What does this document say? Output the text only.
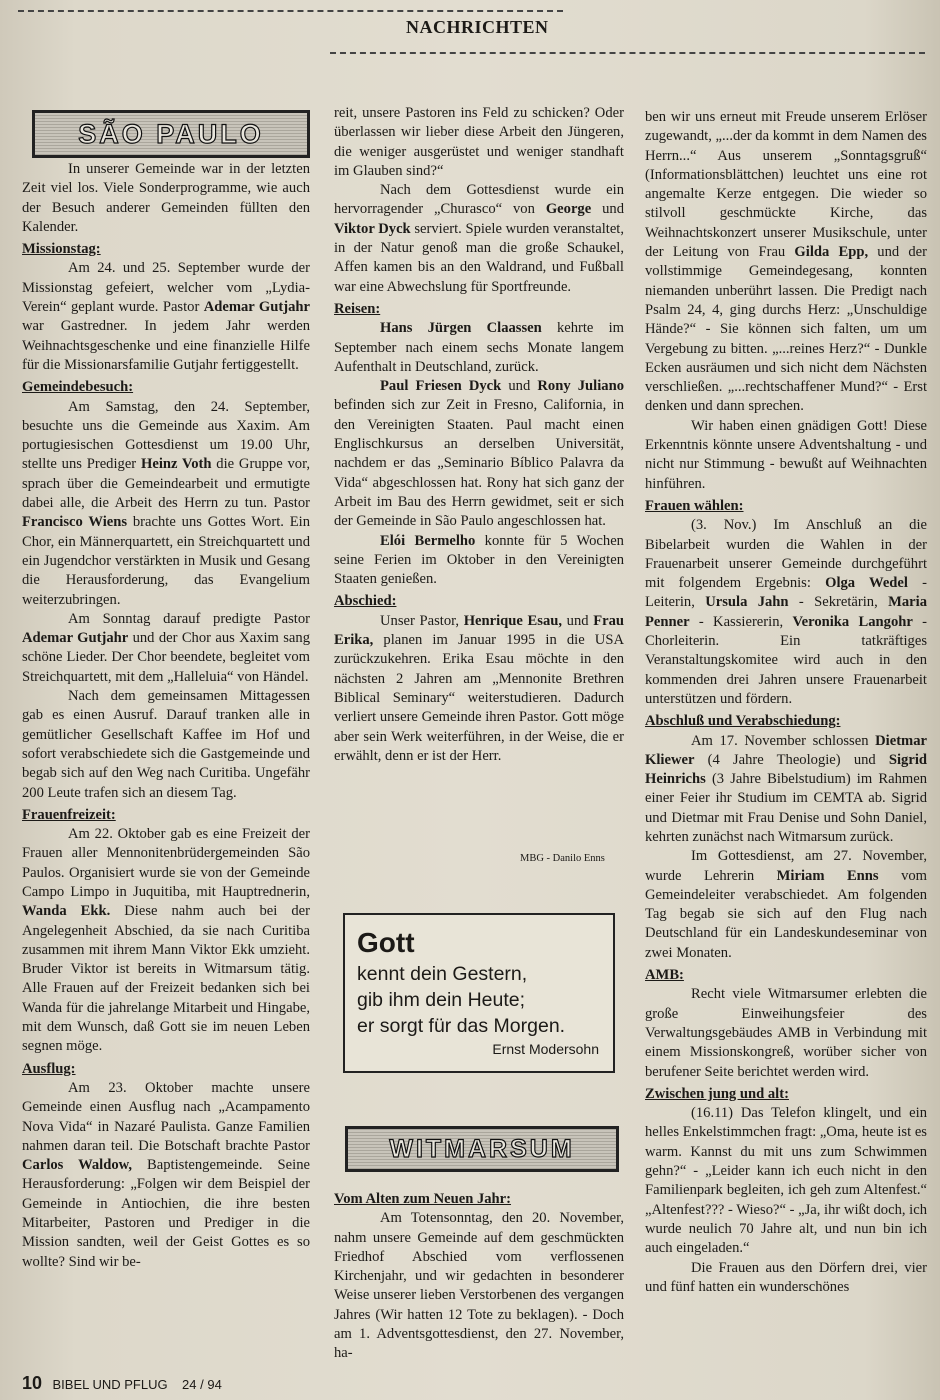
NACHRICHTEN
SÃO PAULO

In unserer Gemeinde war in der letzten Zeit viel los. Viele Sonderprogramme, wie auch der Besuch anderer Gemeinden füllten den Kalender.

Missionstag:

Am 24. und 25. September wurde der Missionstag gefeiert, welcher vom „Lydia-Verein“ geplant wurde. Pastor Ademar Gutjahr war Gastredner. In jedem Jahr werden Weihnachtsgeschenke und eine finanzielle Hilfe für die Missionarsfamilie Gutjahr fertiggestellt.

Gemeindebesuch:

Am Samstag, den 24. September, besuchte uns die Gemeinde aus Xaxim. Am portugiesischen Gottesdienst um 19.00 Uhr, stellte uns Prediger Heinz Voth die Gruppe vor, sprach über die Gemeindearbeit und ermutigte dabei alle, die Arbeit des Herrn zu tun. Pastor Francisco Wiens brachte uns Gottes Wort. Ein Chor, ein Männerquartett, ein Streichquartett und ein Jugendchor verstärkten in Musik und Gesang die Herausforderung, das Evangelium weiterzubringen.

Am Sonntag darauf predigte Pastor Ademar Gutjahr und der Chor aus Xaxim sang schöne Lieder. Der Chor beendete, begleitet vom Streichquartett, mit dem „Halleluia“ von Händel.

Nach dem gemeinsamen Mittagessen gab es einen Ausruf. Darauf tranken alle in gemütlicher Gesellschaft Kaffee im Hof und sofort verabschiedete sich die Gastgemeinde und begab sich auf den Weg nach Curitiba. Ungefähr 200 Leute trafen sich an diesem Tag.

Frauenfreizeit:

Am 22. Oktober gab es eine Freizeit der Frauen aller Mennonitenbrüdergemeinden São Paulos. Organisiert wurde sie von der Gemeinde Campo Limpo in Juquitiba, mit Hauptrednerin, Wanda Ekk. Diese nahm auch bei der Angelegenheit Abschied, da sie nach Curitiba zusammen mit ihrem Mann Viktor Ekk umzieht. Bruder Viktor ist bereits in Witmarsum tätig. Alle Frauen auf der Freizeit bedanken sich bei Wanda für die jahrelange Mitarbeit und Hingabe, mit dem Wunsch, daß Gott sie im neuen Leben segnen möge.

Ausflug:

Am 23. Oktober machte unsere Gemeinde einen Ausflug nach „Acampamento Nova Vida“ in Nazaré Paulista. Ganze Familien nahmen daran teil. Die Botschaft brachte Pastor Carlos Waldow, Baptistengemeinde. Seine Herausforderung: „Folgen wir dem Beispiel der Gemeinde in Antiochien, die ihre besten Mitarbeiter, Pastoren und Prediger in die Mission sandten, weil der Geist Gottes es so wollte? Sind wir be-

reit, unsere Pastoren ins Feld zu schicken? Oder überlassen wir lieber diese Arbeit den Jüngeren, die weniger ausgerüstet und weniger standhaft im Glauben sind?“

Nach dem Gottesdienst wurde ein hervorragender „Churasco“ von George und Viktor Dyck serviert. Spiele wurden veranstaltet, in der Natur genoß man die große Schaukel, Affen kamen bis an den Waldrand, und Fußball war eine Abwechslung für Sportfreunde.

Reisen:

Hans Jürgen Claassen kehrte im September nach einem sechs Monate langem Aufenthalt in Deutschland, zurück.

Paul Friesen Dyck und Rony Juliano befinden sich zur Zeit in Fresno, California, in den Vereinigten Staaten. Paul macht einen Englischkursus an derselben Universität, nachdem er das „Seminario Bíblico Palavra da Vida“ abgeschlossen hat. Rony hat sich ganz der Arbeit im Bau des Herrn gewidmet, seit er sich der Gemeinde in São Paulo angeschlossen hat.

Elói Bermelho konnte für 5 Wochen seine Ferien im Oktober in den Vereinigten Staaten genießen.

Abschied:

Unser Pastor, Henrique Esau, und Frau Erika, planen im Januar 1995 in die USA zurückzukehren. Erika Esau möchte in den nächsten 2 Jahren am „Mennonite Brethren Biblical Seminary“ weiterstudieren. Dadurch verliert unsere Gemeinde ihren Pastor. Gott möge aber sein Werk weiterführen, in der Weise, die er erwählt, denn er ist der Herr.

MBG - Danilo Enns
Gott
kennt dein Gestern,
gib ihm dein Heute;
er sorgt für das Morgen.
Ernst Modersohn
WITMARSUM

Vom Alten zum Neuen Jahr:

Am Totensonntag, den 20. November, nahm unsere Gemeinde auf dem geschmückten Friedhof Abschied vom verflossenen Kirchenjahr, und wir gedachten in besonderer Weise unserer lieben Verstorbenen des vergangen Jahres (Wir hatten 12 Tote zu beklagen). - Doch am 1. Adventsgottesdienst, den 27. November, ha-

ben wir uns erneut mit Freude unserem Erlöser zugewandt, „...der da kommt in dem Namen des Herrn...“ Aus unserem „Sonntagsgruß“ (Informationsblättchen) leuchtet uns eine rot angemalte Kerze entgegen. Die wieder so stilvoll geschmückte Kirche, das Weihnachtskonzert unserer Musikschule, unter der Leitung von Frau Gilda Epp, und der vollstimmige Gemeindegesang, konnten niemanden unberührt lassen. Die Predigt nach Psalm 24, 4, ging durchs Herz: „Unschuldige Hände?“ - Sie können sich falten, um um Vergebung zu bitten. „...reines Herz?“ - Dunkle Ecken ausräumen und sich nicht dem Nächsten verschließen. „...rechtschaffener Mund?“ - Erst denken und dann sprechen.

Wir haben einen gnädigen Gott! Diese Erkenntnis könnte unsere Adventshaltung - und nicht nur Stimmung - bewußt auf Weihnachten hinführen.

Frauen wählen:

(3. Nov.) Im Anschluß an die Bibelarbeit wurden die Wahlen in der Frauenarbeit unserer Gemeinde durchgeführt mit folgendem Ergebnis: Olga Wedel - Leiterin, Ursula Jahn - Sekretärin, Maria Penner - Kassiererin, Veronika Langohr - Chorleiterin. Ein tatkräftiges Veranstaltungskomitee wird auch in den kommenden drei Jahren unsere Frauenarbeit unterstützen und fördern.

Abschluß und Verabschiedung:

Am 17. November schlossen Dietmar Kliewer (4 Jahre Theologie) und Sigrid Heinrichs (3 Jahre Bibelstudium) im Rahmen einer Feier ihr Studium im CEMTA ab. Sigrid und Dietmar mit Frau Denise und Sohn Daniel, kehrten zunächst nach Witmarsum zurück.

Im Gottesdienst, am 27. November, wurde Lehrerin Miriam Enns vom Gemeindeleiter verabschiedet. Am folgenden Tag begab sie sich auf den Flug nach Deutschland für ein Landeskundeseminar von zwei Monaten.

AMB:

Recht viele Witmarsumer erlebten die große Einweihungsfeier des Verwaltungsgebäudes AMB in Verbindung mit einem Missionskongreß, worüber sicher von berufener Seite berichtet werden wird.

Zwischen jung und alt:

(16.11) Das Telefon klingelt, und ein helles Enkelstimmchen fragt: „Oma, heute ist es warm. Kannst du mit uns zum Schwimmen gehn?“ - „Leider kann ich euch nicht in den Familienpark begleiten, ich geh zum Altenfest.“ „Altenfest??? - Wieso?“ - „Ja, ihr wißt doch, ich wurde neulich 70 Jahre alt, und nun bin ich auch eingeladen.“

Die Frauen aus den Dörfern drei, vier und fünf hatten ein wunderschönes

10 BIBEL UND PFLUG 24 / 94
